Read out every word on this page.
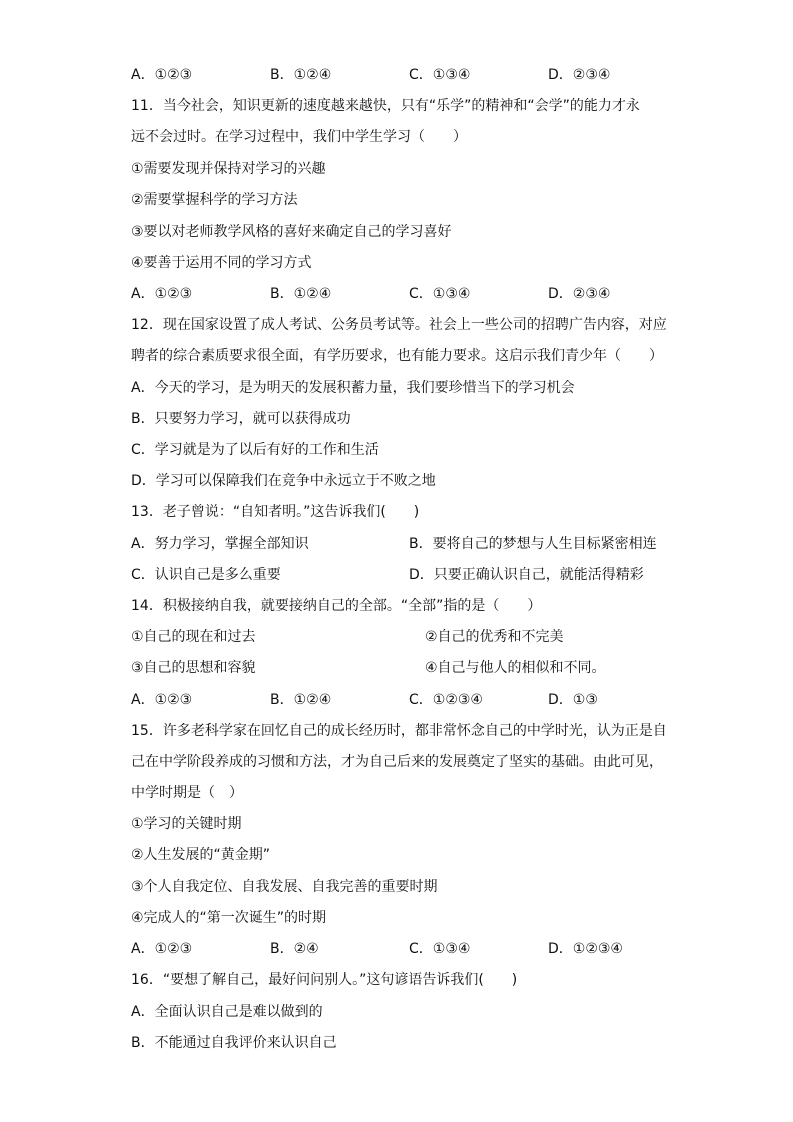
A．①②③	B．①②④	C．①③④	D．②③④
11．当今社会，知识更新的速度越来越快，只有“乐学”的精神和“会学”的能力才永
远不会过时。在学习过程中，我们中学生学习（　　）
①需要发现并保持对学习的兴趣
②需要掌握科学的学习方法
③要以对老师教学风格的喜好来确定自己的学习喜好
④要善于运用不同的学习方式
A．①②③	B．①②④	C．①③④	D．②③④
12．现在国家设置了成人考试、公务员考试等。社会上一些公司的招聘广告内容，对应
聘者的综合素质要求很全面，有学历要求，也有能力要求。这启示我们青少年（　　）
A．今天的学习，是为明天的发展积蓄力量，我们要珍惜当下的学习机会
B．只要努力学习，就可以获得成功
C．学习就是为了以后有好的工作和生活
D．学习可以保障我们在竞争中永远立于不败之地
13．老子曾说：“自知者明。”这告诉我们(　　)
A．努力学习，掌握全部知识	B．要将自己的梦想与人生目标紧密相连
C．认识自己是多么重要	D．只要正确认识自己，就能活得精彩
14．积极接纳自我，就要接纳自己的全部。“全部”指的是（　　）
①自己的现在和过去	②自己的优秀和不完美
③自己的思想和容貌	④自己与他人的相似和不同。
A．①②③	B．①②④	C．①②③④	D．①③
15．许多老科学家在回忆自己的成长经历时，都非常怀念自己的中学时光，认为正是自
己在中学阶段养成的习惯和方法，才为自己后来的发展奠定了坚实的基础。由此可见，
中学时期是（　）
①学习的关键时期
②人生发展的“黄金期”
③个人自我定位、自我发展、自我完善的重要时期
④完成人的“第一次诞生”的时期
A．①②③	B．②④	C．①③④	D．①②③④
16．“要想了解自己，最好问问别人。”这句谚语告诉我们(　　)
A．全面认识自己是难以做到的
B．不能通过自我评价来认识自己
